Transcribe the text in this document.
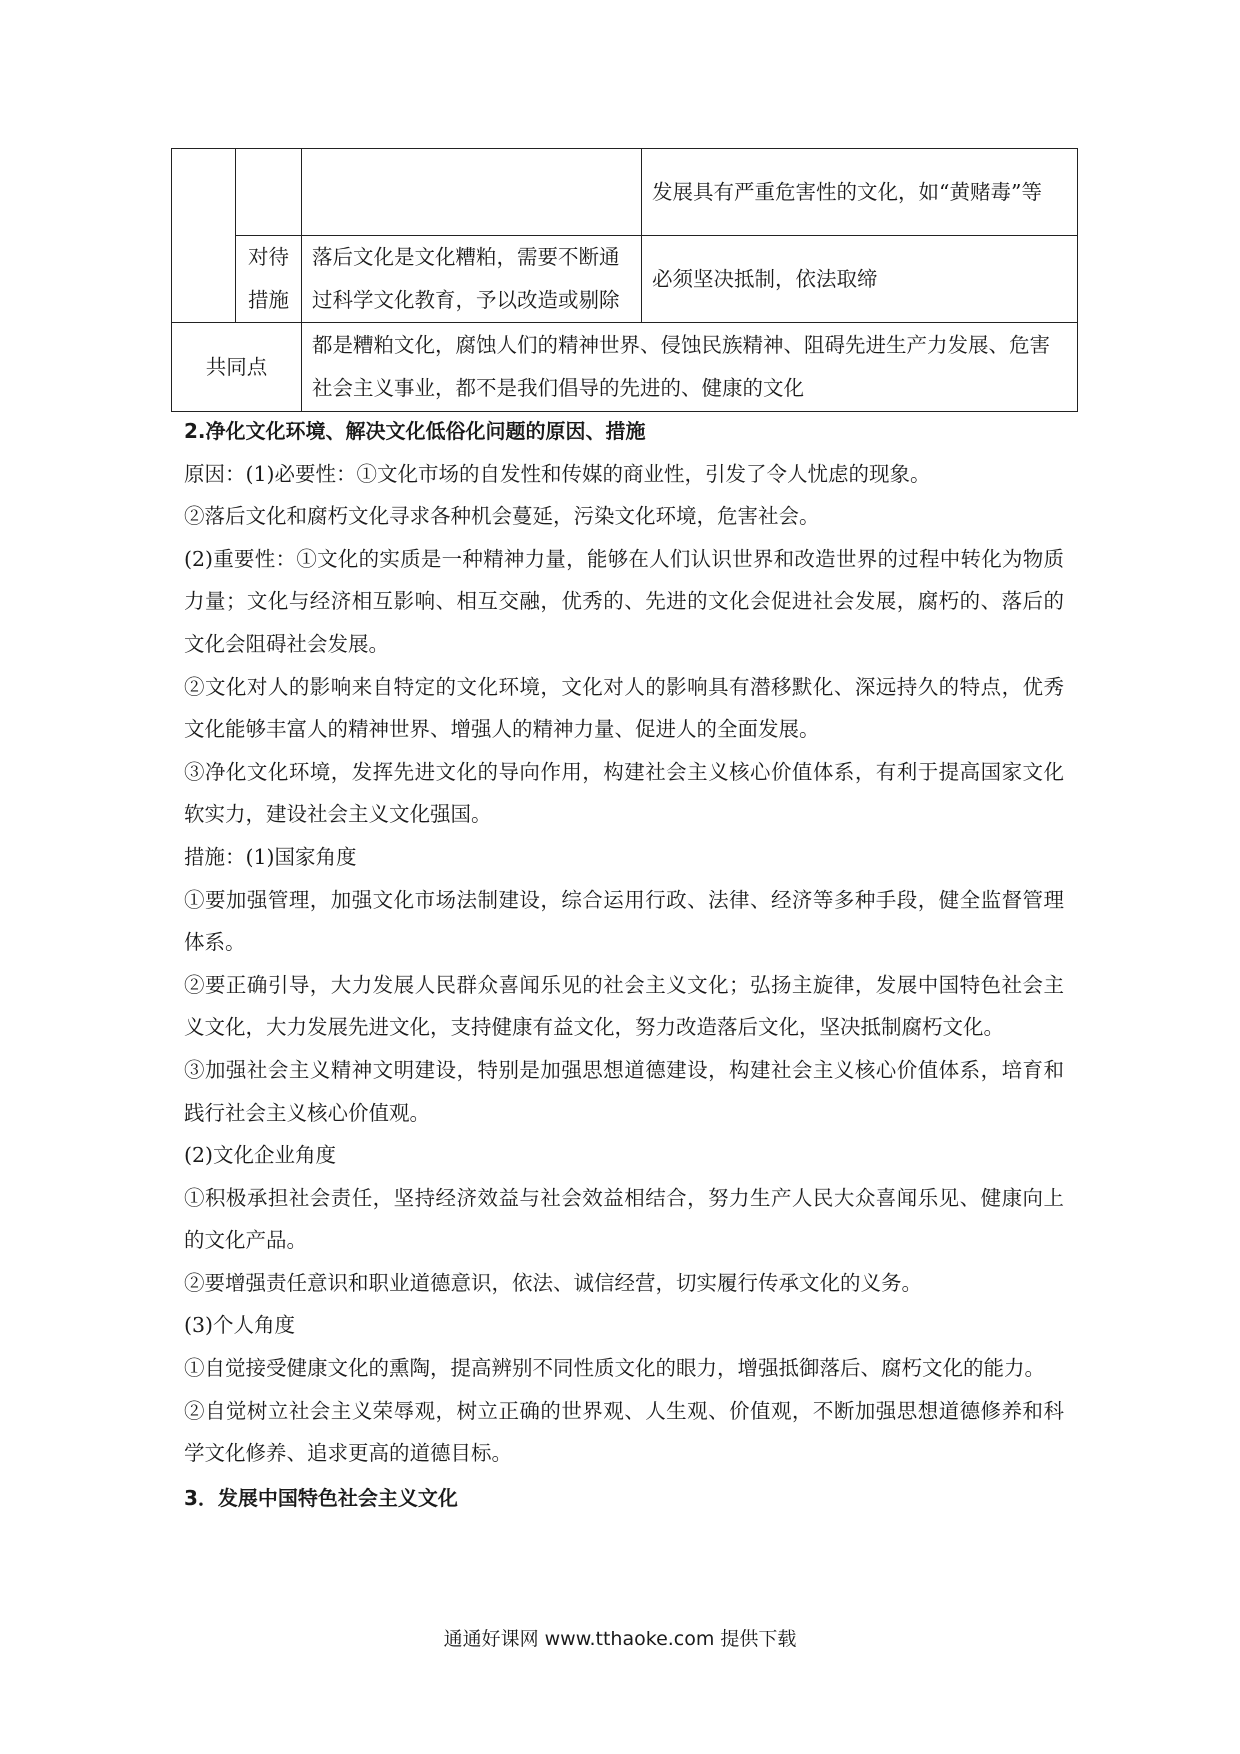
			发展具有严重危害性的文化，如“黄赌毒”等
	对待措施	落后文化是文化糟粕，需要不断通过科学文化教育，予以改造或剔除	必须坚决抵制，依法取缔
共同点		都是糟粕文化，腐蚀人们的精神世界、侵蚀民族精神、阻碍先进生产力发展、危害社会主义事业，都不是我们倡导的先进的、健康的文化	

2.净化文化环境、解决文化低俗化问题的原因、措施

原因：(1)必要性：①文化市场的自发性和传媒的商业性，引发了令人忧虑的现象。

②落后文化和腐朽文化寻求各种机会蔓延，污染文化环境，危害社会。

(2)重要性：①文化的实质是一种精神力量，能够在人们认识世界和改造世界的过程中转化为物质力量；文化与经济相互影响、相互交融，优秀的、先进的文化会促进社会发展，腐朽的、落后的文化会阻碍社会发展。

②文化对人的影响来自特定的文化环境，文化对人的影响具有潜移默化、深远持久的特点，优秀文化能够丰富人的精神世界、增强人的精神力量、促进人的全面发展。

③净化文化环境，发挥先进文化的导向作用，构建社会主义核心价值体系，有利于提高国家文化软实力，建设社会主义文化强国。

措施：(1)国家角度

①要加强管理，加强文化市场法制建设，综合运用行政、法律、经济等多种手段，健全监督管理体系。

②要正确引导，大力发展人民群众喜闻乐见的社会主义文化；弘扬主旋律，发展中国特色社会主义文化，大力发展先进文化，支持健康有益文化，努力改造落后文化，坚决抵制腐朽文化。

③加强社会主义精神文明建设，特别是加强思想道德建设，构建社会主义核心价值体系，培育和践行社会主义核心价值观。

(2)文化企业角度

①积极承担社会责任，坚持经济效益与社会效益相结合，努力生产人民大众喜闻乐见、健康向上的文化产品。

②要增强责任意识和职业道德意识，依法、诚信经营，切实履行传承文化的义务。

(3)个人角度

①自觉接受健康文化的熏陶，提高辨别不同性质文化的眼力，增强抵御落后、腐朽文化的能力。

②自觉树立社会主义荣辱观，树立正确的世界观、人生观、价值观，不断加强思想道德修养和科学文化修养、追求更高的道德目标。

3．发展中国特色社会主义文化

通通好课网 www.tthaoke.com 提供下载
